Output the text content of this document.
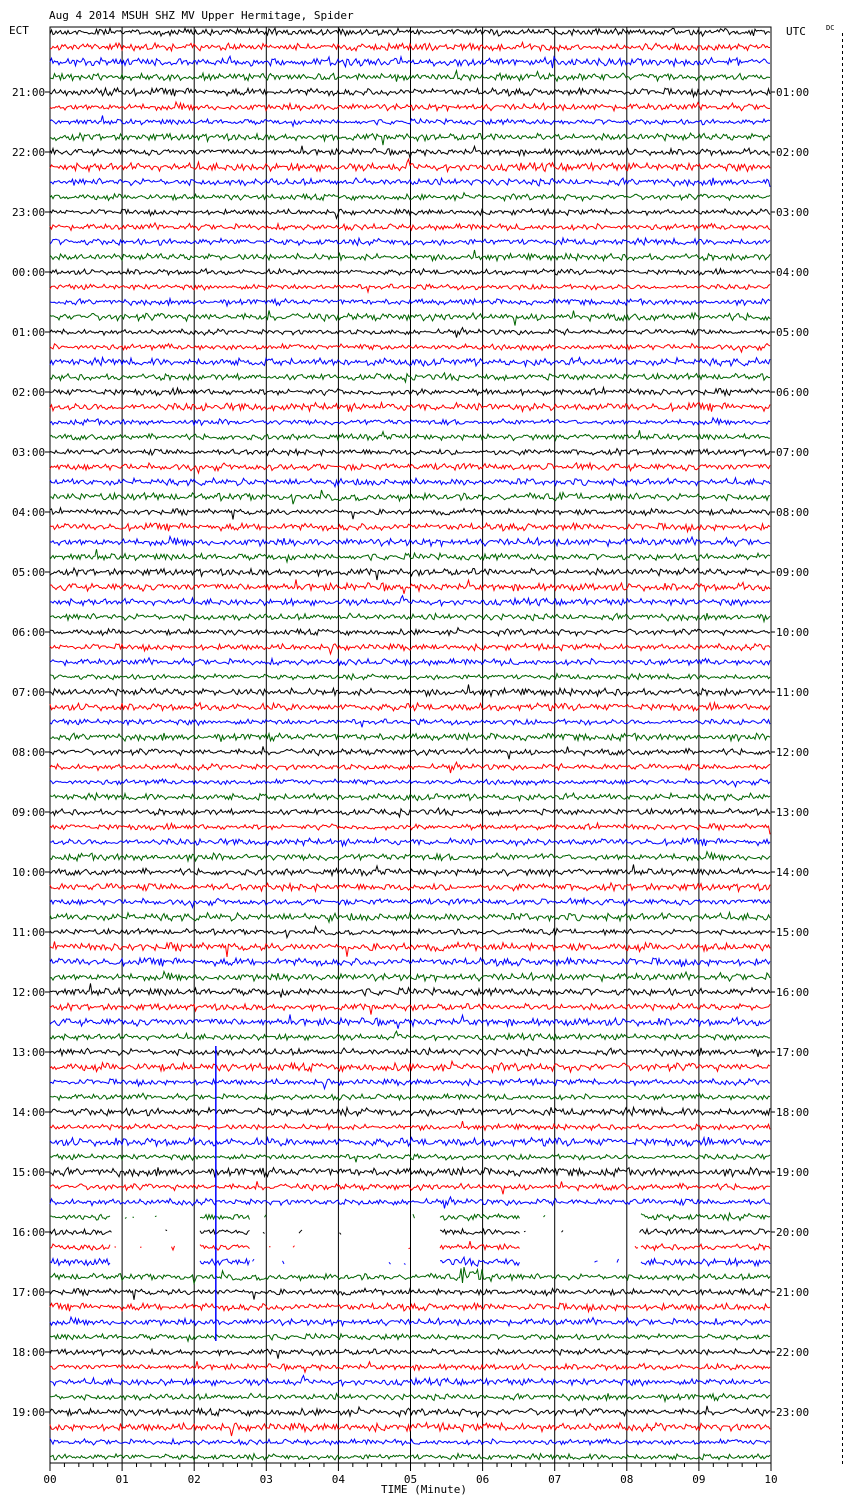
Aug 4 2014 MSUH SHZ MV Upper Hermitage, Spider
ECT	UTC	DC
00	01	02	03	04	05	06	07	08	09	10
TIME (Minute)
21:00
22:00
23:00
00:00
01:00
02:00
03:00
04:00
05:00
06:00
07:00
08:00
09:00
10:00
11:00
12:00
13:00
14:00
15:00
16:00
17:00
18:00
19:00
01:00
02:00
03:00
04:00
05:00
06:00
07:00
08:00
09:00
10:00
11:00
12:00
13:00
14:00
15:00
16:00
17:00
18:00
19:00
20:00
21:00
22:00
23:00
